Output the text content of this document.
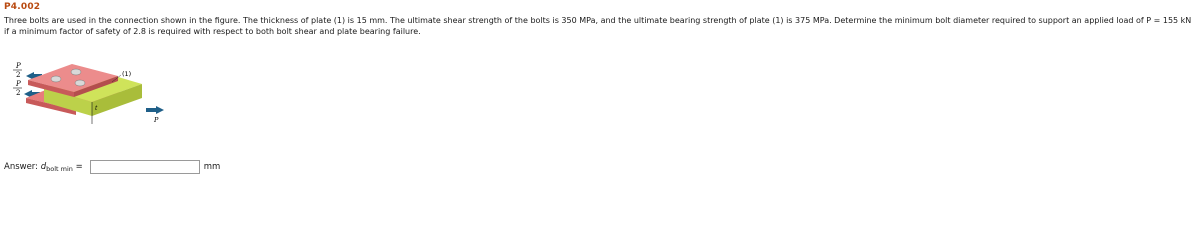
P4.002
Three bolts are used in the connection shown in the figure. The thickness of plate (1) is 15 mm. The ultimate shear strength of the bolts is 350 MPa, and the ultimate bearing strength of plate (1) is 375 MPa. Determine the minimum bolt diameter required to support an applied load of P = 155 kN if a minimum factor of safety of 2.8 is required with respect to both bolt shear and plate bearing failure.
P
2
P
2
t
(1)
P
Answer: $d_{bolt min}$ =	mm
